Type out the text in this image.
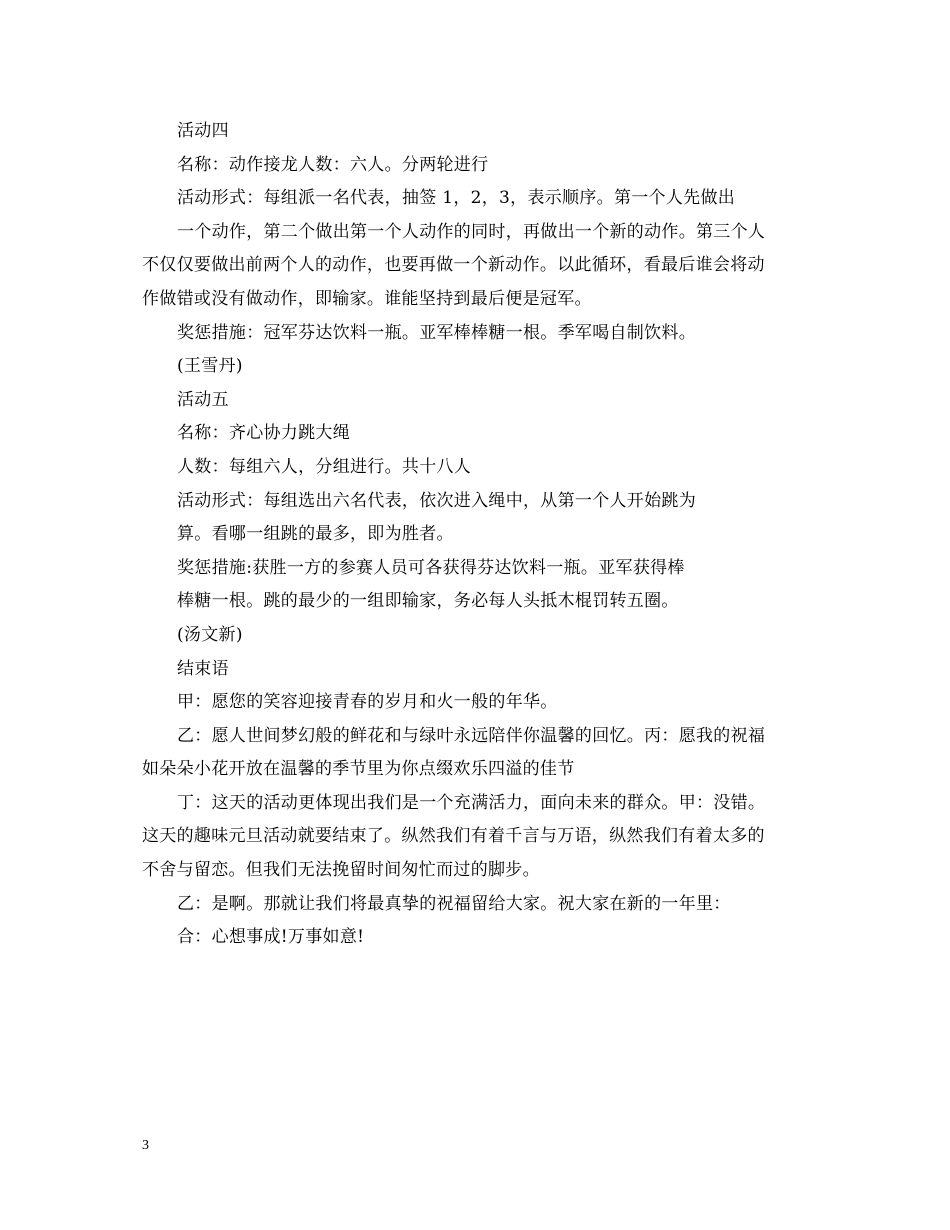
活动四
名称：动作接龙人数：六人。分两轮进行
活动形式：每组派一名代表，抽签 1，2，3，表示顺序。第一个人先做出
一个动作，第二个做出第一个人动作的同时，再做出一个新的动作。第三个人
不仅仅要做出前两个人的动作，也要再做一个新动作。以此循环，看最后谁会将动
作做错或没有做动作，即输家。谁能坚持到最后便是冠军。
奖惩措施：冠军芬达饮料一瓶。亚军棒棒糖一根。季军喝自制饮料。
(王雪丹)
活动五
名称：齐心协力跳大绳
人数：每组六人，分组进行。共十八人
活动形式：每组选出六名代表，依次进入绳中，从第一个人开始跳为
算。看哪一组跳的最多，即为胜者。
奖惩措施:获胜一方的参赛人员可各获得芬达饮料一瓶。亚军获得棒
棒糖一根。跳的最少的一组即输家，务必每人头抵木棍罚转五圈。
(汤文新)
结束语
甲：愿您的笑容迎接青春的岁月和火一般的年华。
乙：愿人世间梦幻般的鲜花和与绿叶永远陪伴你温馨的回忆。丙：愿我的祝福
如朵朵小花开放在温馨的季节里为你点缀欢乐四溢的佳节
丁：这天的活动更体现出我们是一个充满活力，面向未来的群众。甲：没错。
这天的趣味元旦活动就要结束了。纵然我们有着千言与万语，纵然我们有着太多的
不舍与留恋。但我们无法挽留时间匆忙而过的脚步。
乙：是啊。那就让我们将最真挚的祝福留给大家。祝大家在新的一年里：
合：心想事成!万事如意!
3
